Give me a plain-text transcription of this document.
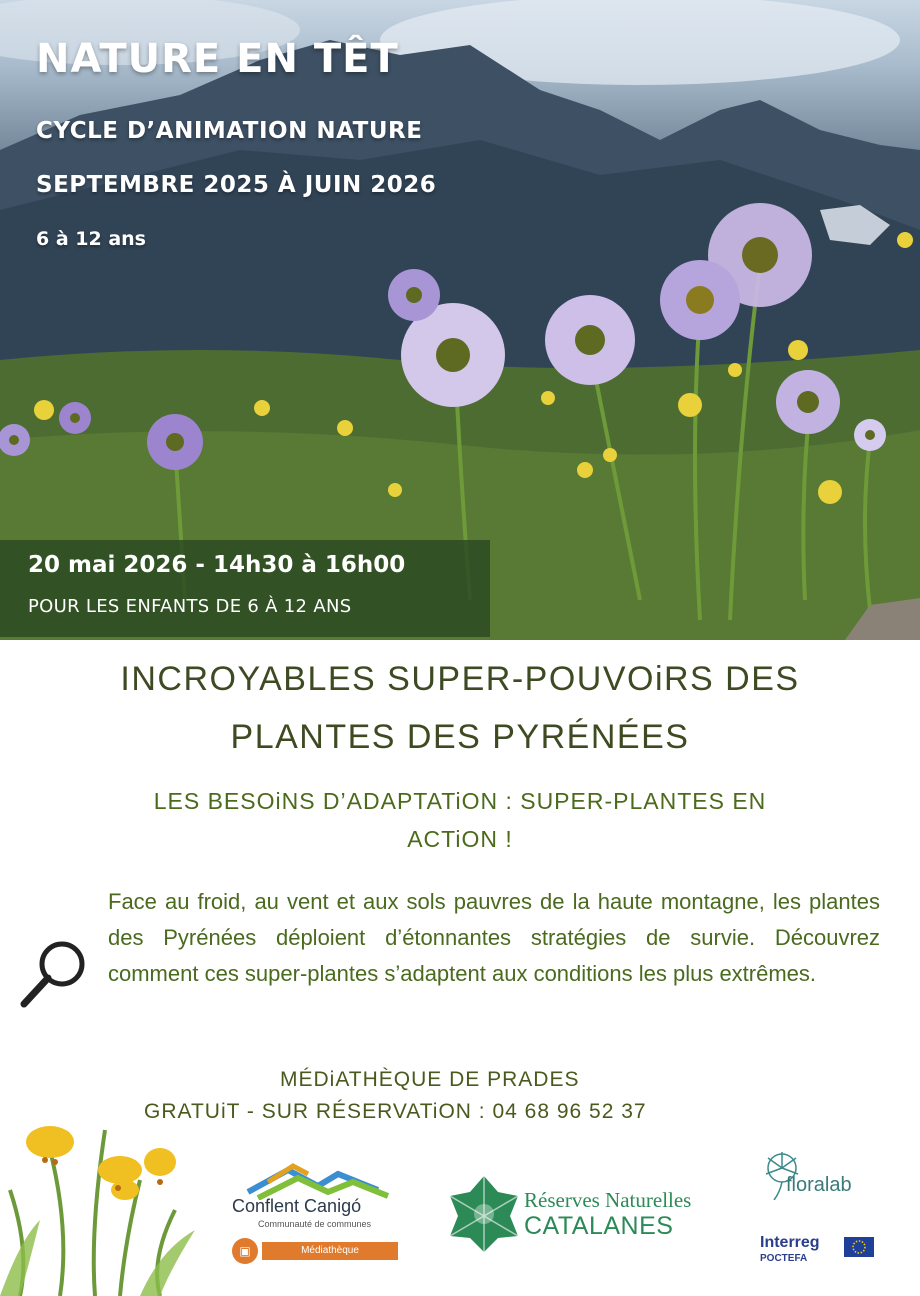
NATURE EN TÊT
CYCLE D’ANIMATION NATURE
SEPTEMBRE 2025 À JUIN 2026
6 à 12 ans
20 mai 2026 - 14h30 à 16h00
POUR LES ENFANTS DE 6 À 12 ANS
INCROYABLES SUPER-POUVOiRS DES
PLANTES DES PYRÉNÉES
LES BESOiNS D’ADAPTATiON : SUPER-PLANTES EN
ACTiON !
Face au froid, au vent et aux sols pauvres de la haute montagne, les plantes des Pyrénées déploient d’étonnantes stratégies de survie. Découvrez comment ces super-plantes s’adaptent aux conditions les plus extrêmes.
MÉDiATHÈQUE DE PRADES
GRATUiT - SUR RÉSERVATiON : 04 68 96 52 37
Conflent Canigó
Communauté de communes
▣	Médiathèque
Réserves Naturelles
CATALANES
floralab
Interreg
POCTEFA
